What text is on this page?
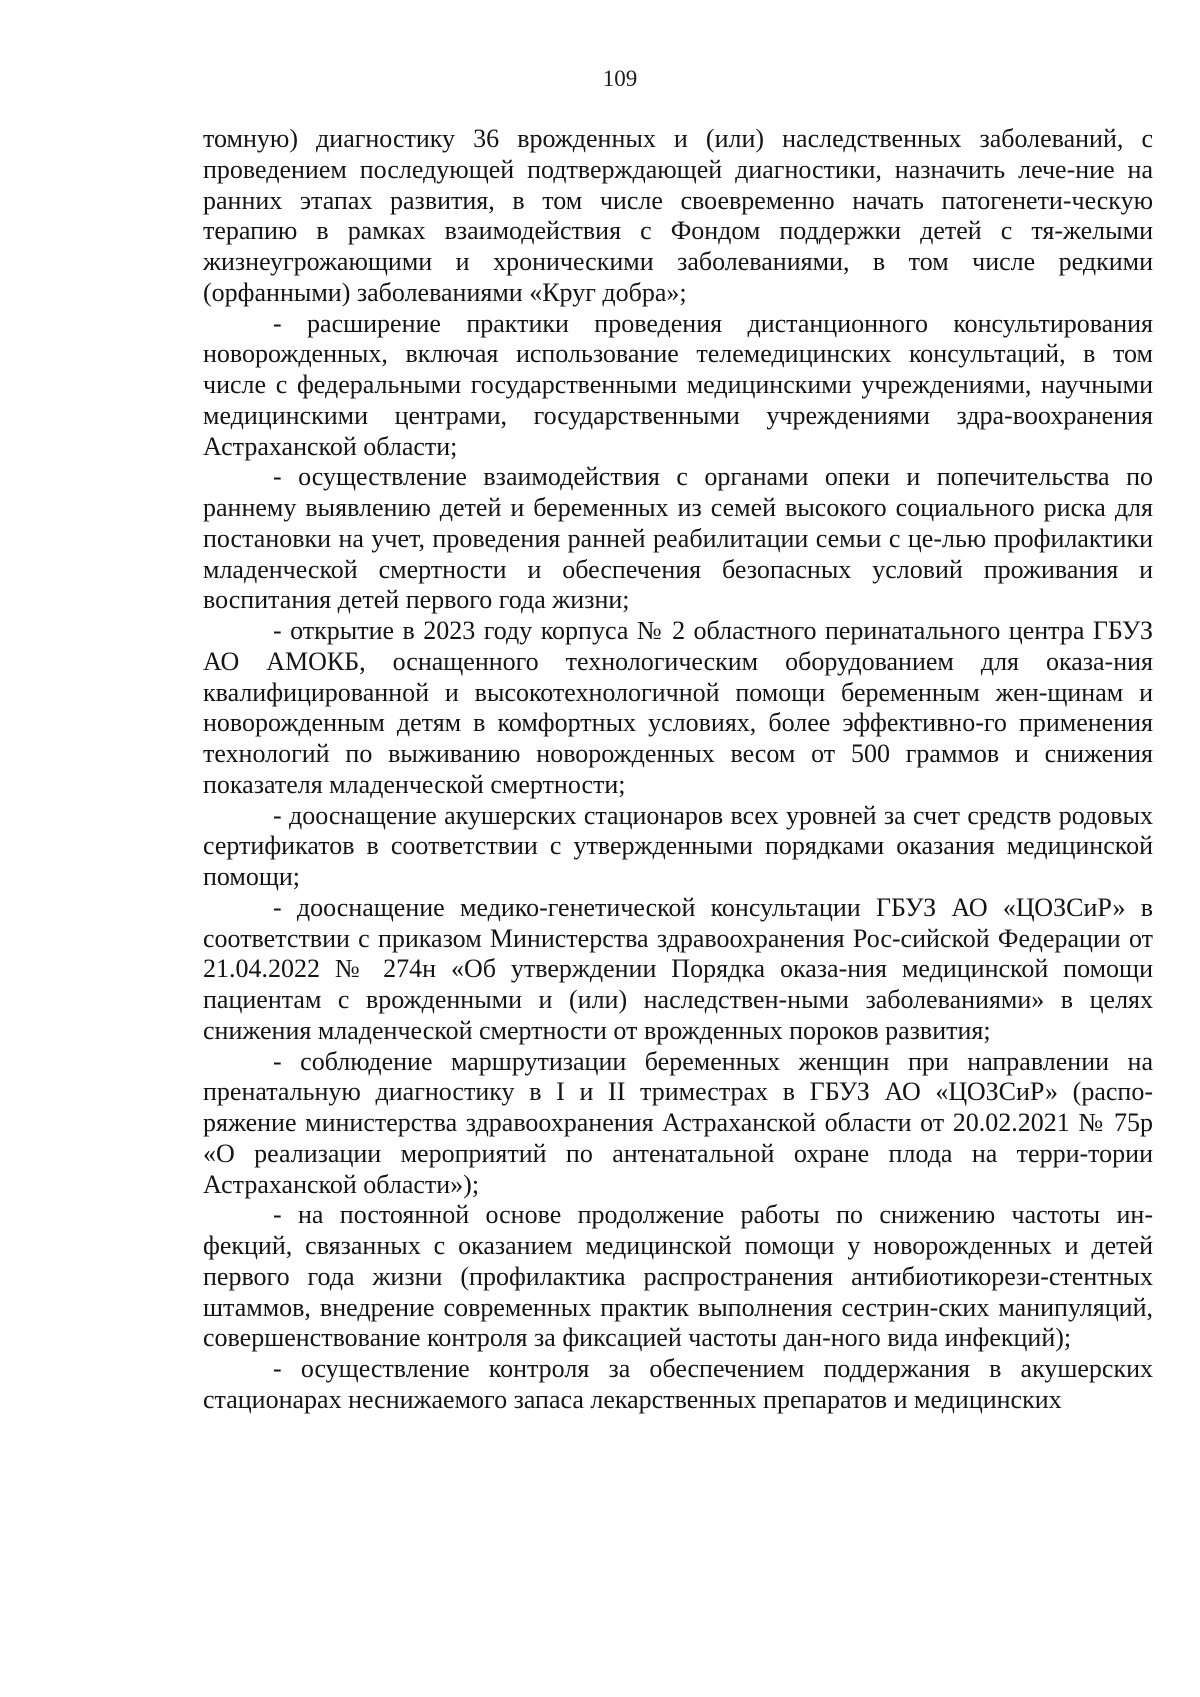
109

томную) диагностику 36 врожденных и (или) наследственных заболеваний, с проведением последующей подтверждающей диагностики, назначить лече-ние на ранних этапах развития, в том числе своевременно начать патогенети-ческую терапию в рамках взаимодействия с Фондом поддержки детей с тя-желыми жизнеугрожающими и хроническими заболеваниями, в том числе редкими (орфанными) заболеваниями «Круг добра»;

- расширение практики проведения дистанционного консультирования новорожденных, включая использование телемедицинских консультаций, в том числе с федеральными государственными медицинскими учреждениями, научными медицинскими центрами, государственными учреждениями здра-воохранения Астраханской области;

- осуществление взаимодействия с органами опеки и попечительства по раннему выявлению детей и беременных из семей высокого социального риска для постановки на учет, проведения ранней реабилитации семьи с це-лью профилактики младенческой смертности и обеспечения безопасных условий проживания и воспитания детей первого года жизни;

- открытие в 2023 году корпуса № 2 областного перинатального центра ГБУЗ АО АМОКБ, оснащенного технологическим оборудованием для оказа-ния квалифицированной и высокотехнологичной помощи беременным жен-щинам и новорожденным детям в комфортных условиях, более эффективно-го применения технологий по выживанию новорожденных весом от 500 граммов и снижения показателя младенческой смертности;

- дооснащение акушерских стационаров всех уровней за счет средств родовых сертификатов в соответствии с утвержденными порядками оказания медицинской помощи;

- дооснащение медико-генетической консультации ГБУЗ АО «ЦОЗСиР» в соответствии с приказом Министерства здравоохранения Рос-сийской Федерации от 21.04.2022 № 274н «Об утверждении Порядка оказа-ния медицинской помощи пациентам с врожденными и (или) наследствен-ными заболеваниями» в целях снижения младенческой смертности от врожденных пороков развития;

- соблюдение маршрутизации беременных женщин при направлении на пренатальную диагностику в I и II триместрах в ГБУЗ АО «ЦОЗСиР» (распо-ряжение министерства здравоохранения Астраханской области от 20.02.2021 № 75р «О реализации мероприятий по антенатальной охране плода на терри-тории Астраханской области»);

- на постоянной основе продолжение работы по снижению частоты ин-фекций, связанных с оказанием медицинской помощи у новорожденных и детей первого года жизни (профилактика распространения антибиотикорези-стентных штаммов, внедрение современных практик выполнения сестрин-ских манипуляций, совершенствование контроля за фиксацией частоты дан-ного вида инфекций);

- осуществление контроля за обеспечением поддержания в акушерских стационарах неснижаемого запаса лекарственных препаратов и медицинских
